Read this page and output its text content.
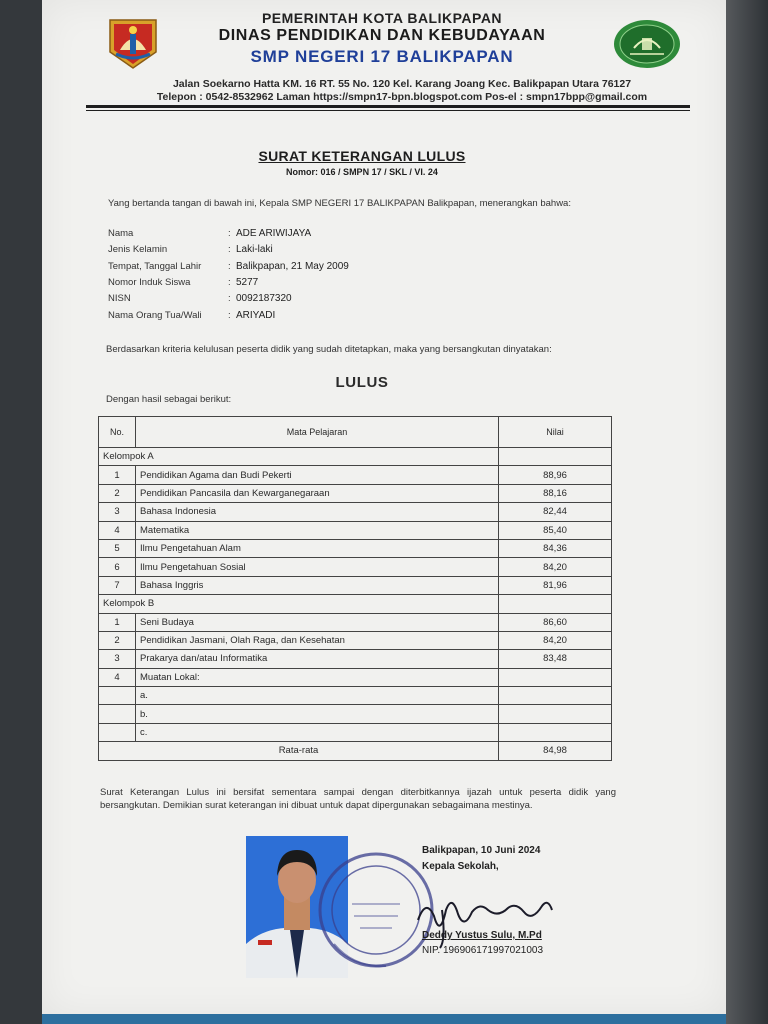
PEMERINTAH KOTA BALIKPAPAN
DINAS PENDIDIKAN DAN KEBUDAYAAN
SMP NEGERI 17 BALIKPAPAN
Jalan Soekarno Hatta KM. 16 RT. 55 No. 120 Kel. Karang Joang Kec. Balikpapan Utara 76127
Telepon : 0542-8532962 Laman https://smpn17-bpn.blogspot.com Pos-el : smpn17bpp@gmail.com
SURAT KETERANGAN LULUS
Nomor: 016 / SMPN 17 / SKL / VI. 24
Yang bertanda tangan di bawah ini, Kepala SMP NEGERI 17 BALIKPAPAN Balikpapan, menerangkan bahwa:
Nama	: ADE ARIWIJAYA
Jenis Kelamin	: Laki-laki
Tempat, Tanggal Lahir	: Balikpapan, 21 May 2009
Nomor Induk Siswa	: 5277
NISN	: 0092187320
Nama Orang Tua/Wali	: ARIYADI
Berdasarkan kriteria kelulusan peserta didik yang sudah ditetapkan, maka yang bersangkutan dinyatakan:
LULUS
Dengan hasil sebagai berikut:
No.	Mata Pelajaran	Nilai
Kelompok A		
1	Pendidikan Agama dan Budi Pekerti	88,96
2	Pendidikan Pancasila dan Kewarganegaraan	88,16
3	Bahasa Indonesia	82,44
4	Matematika	85,40
5	Ilmu Pengetahuan Alam	84,36
6	Ilmu Pengetahuan Sosial	84,20
7	Bahasa Inggris	81,96
Kelompok B		
1	Seni Budaya	86,60
2	Pendidikan Jasmani, Olah Raga, dan Kesehatan	84,20
3	Prakarya dan/atau Informatika	83,48
4	Muatan Lokal:	
	a.	
	b.	
	c.	
Rata-rata		84,98
Surat Keterangan Lulus ini bersifat sementara sampai dengan diterbitkannya ijazah untuk peserta didik yang bersangkutan. Demikian surat keterangan ini dibuat untuk dapat dipergunakan sebagaimana mestinya.
Balikpapan, 10 Juni 2024
Kepala Sekolah,
Deddy Yustus Sulu, M.Pd
NIP. 196906171997021003
